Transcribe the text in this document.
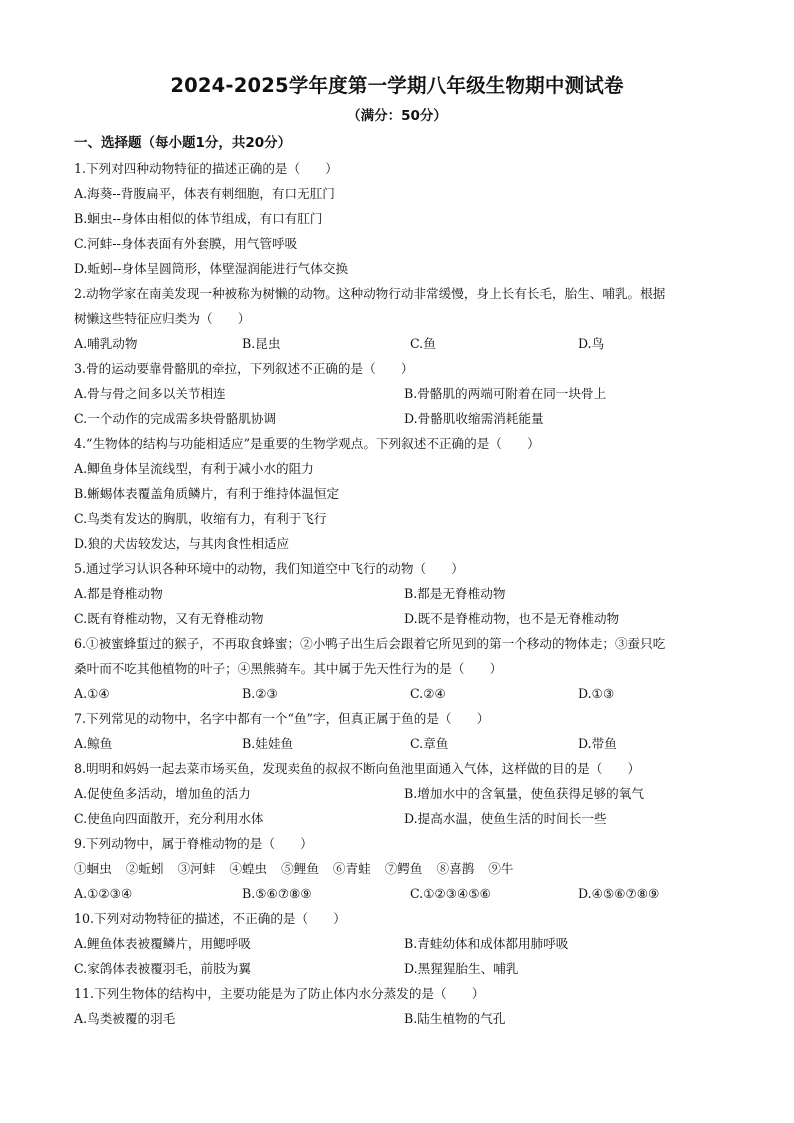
2024-2025学年度第一学期八年级生物期中测试卷
（满分：50分）
一、选择题（每小题1分，共20分）
1.下列对四种动物特征的描述正确的是（　　）
A.海葵--背腹扁平，体表有刺细胞，有口无肛门
B.蛔虫--身体由相似的体节组成，有口有肛门
C.河蚌--身体表面有外套膜，用气管呼吸
D.蚯蚓--身体呈圆筒形，体壁湿润能进行气体交换
2.动物学家在南美发现一种被称为树懒的动物。这种动物行动非常缓慢，身上长有长毛，胎生、哺乳。根据
树懒这些特征应归类为（　　）
A.哺乳动物	B.昆虫	C.鱼	D.鸟
3.骨的运动要靠骨骼肌的牵拉，下列叙述不正确的是（　　）
A.骨与骨之间多以关节相连	B.骨骼肌的两端可附着在同一块骨上
C.一个动作的完成需多块骨骼肌协调	D.骨骼肌收缩需消耗能量
4.“生物体的结构与功能相适应”是重要的生物学观点。下列叙述不正确的是（　　）
A.鲫鱼身体呈流线型，有利于减小水的阻力
B.蜥蜴体表覆盖角质鳞片，有利于维持体温恒定
C.鸟类有发达的胸肌，收缩有力，有利于飞行
D.狼的犬齿较发达，与其肉食性相适应
5.通过学习认识各种环境中的动物，我们知道空中飞行的动物（　　）
A.都是脊椎动物	B.都是无脊椎动物
C.既有脊椎动物，又有无脊椎动物	D.既不是脊椎动物，也不是无脊椎动物
6.①被蜜蜂蜇过的猴子，不再取食蜂蜜；②小鸭子出生后会跟着它所见到的第一个移动的物体走；③蚕只吃
桑叶而不吃其他植物的叶子；④黑熊骑车。其中属于先天性行为的是（　　）
A.①④	B.②③	C.②④	D.①③
7.下列常见的动物中，名字中都有一个“鱼”字，但真正属于鱼的是（　　）
A.鲸鱼	B.娃娃鱼	C.章鱼	D.带鱼
8.明明和妈妈一起去菜市场买鱼，发现卖鱼的叔叔不断向鱼池里面通入气体，这样做的目的是（　　）
A.促使鱼多活动，增加鱼的活力	B.增加水中的含氧量，使鱼获得足够的氧气
C.使鱼向四面散开，充分利用水体	D.提高水温，使鱼生活的时间长一些
9.下列动物中，属于脊椎动物的是（　　）
①蛔虫 ②蚯蚓 ③河蚌 ④蝗虫 ⑤鲤鱼 ⑥青蛙 ⑦鳄鱼 ⑧喜鹊 ⑨牛
A.①②③④	B.⑤⑥⑦⑧⑨	C.①②③④⑤⑥	D.④⑤⑥⑦⑧⑨
10.下列对动物特征的描述，不正确的是（　　）
A.鲤鱼体表被覆鳞片，用鳃呼吸	B.青蛙幼体和成体都用肺呼吸
C.家鸽体表被覆羽毛，前肢为翼	D.黑猩猩胎生、哺乳
11.下列生物体的结构中，主要功能是为了防止体内水分蒸发的是（　　）
A.鸟类被覆的羽毛	B.陆生植物的气孔
